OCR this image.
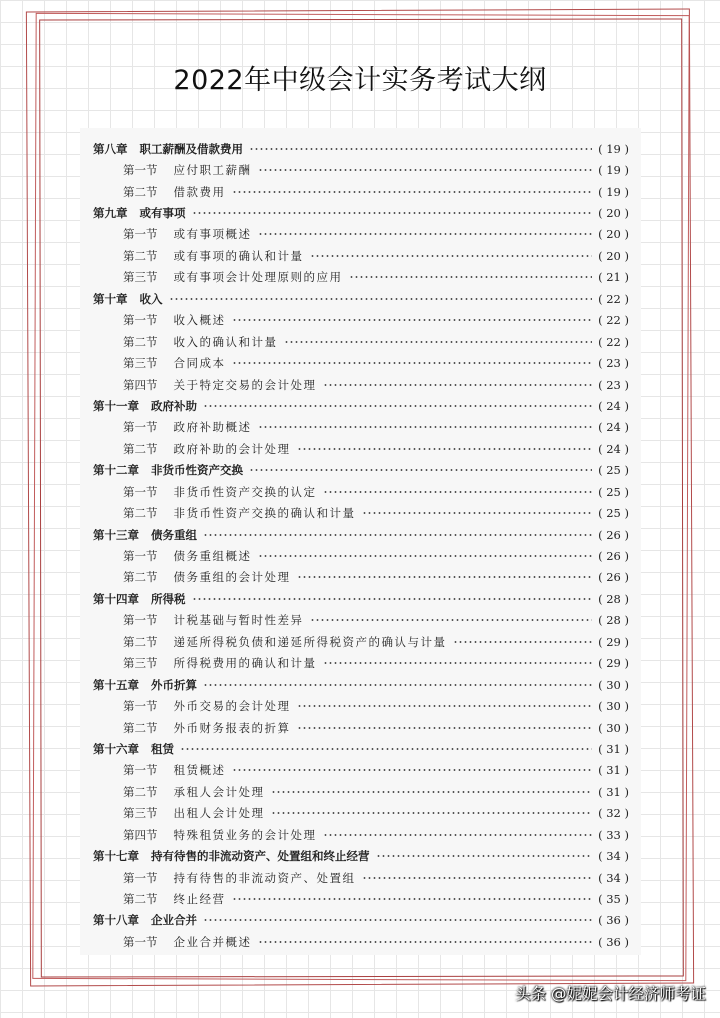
2022年中级会计实务考试大纲
第八章 职工薪酬及借款费用	( 19 )
第一节 应付职工薪酬	( 19 )
第二节 借款费用	( 19 )
第九章 或有事项	( 20 )
第一节 或有事项概述	( 20 )
第二节 或有事项的确认和计量	( 20 )
第三节 或有事项会计处理原则的应用	( 21 )
第十章 收入	( 22 )
第一节 收入概述	( 22 )
第二节 收入的确认和计量	( 22 )
第三节 合同成本	( 23 )
第四节 关于特定交易的会计处理	( 23 )
第十一章 政府补助	( 24 )
第一节 政府补助概述	( 24 )
第二节 政府补助的会计处理	( 24 )
第十二章 非货币性资产交换	( 25 )
第一节 非货币性资产交换的认定	( 25 )
第二节 非货币性资产交换的确认和计量	( 25 )
第十三章 债务重组	( 26 )
第一节 债务重组概述	( 26 )
第二节 债务重组的会计处理	( 26 )
第十四章 所得税	( 28 )
第一节 计税基础与暂时性差异	( 28 )
第二节 递延所得税负债和递延所得税资产的确认与计量	( 29 )
第三节 所得税费用的确认和计量	( 29 )
第十五章 外币折算	( 30 )
第一节 外币交易的会计处理	( 30 )
第二节 外币财务报表的折算	( 30 )
第十六章 租赁	( 31 )
第一节 租赁概述	( 31 )
第二节 承租人会计处理	( 31 )
第三节 出租人会计处理	( 32 )
第四节 特殊租赁业务的会计处理	( 33 )
第十七章 持有待售的非流动资产、处置组和终止经营	( 34 )
第一节 持有待售的非流动资产、处置组	( 34 )
第二节 终止经营	( 35 )
第十八章 企业合并	( 36 )
第一节 企业合并概述	( 36 )
头条 @妮妮会计经济师考证
